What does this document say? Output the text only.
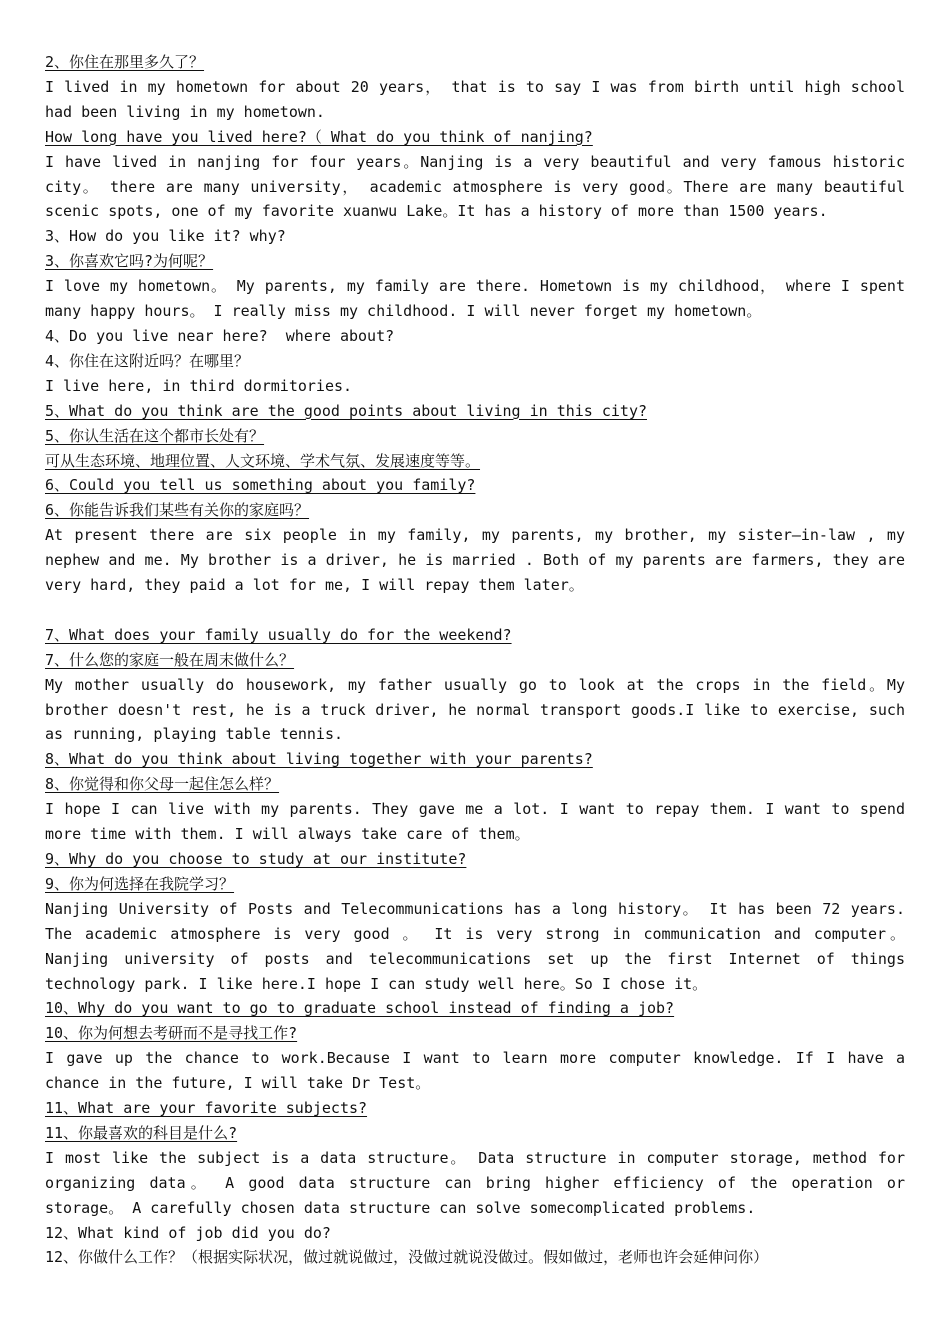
2、你住在那里多久了？
I lived in my hometown for about 20 years， that is to say I was from birth until high school had been living in my hometown.
How long have you lived here?（ What do you think of nanjing?
I have lived in nanjing for four years。Nanjing is a very beautiful and very famous historic city。 there are many university， academic atmosphere is very good。There are many beautiful scenic spots, one of my favorite xuanwu Lake。It has a history of more than 1500 years.
3、How do you like it? why?
3、你喜欢它吗?为何呢？
I love my hometown。 My parents, my family are there. Hometown is my childhood， where I spent many happy hours。 I really miss my childhood. I will never forget my hometown。
4、Do you live near here?  where about?
4、你住在这附近吗？在哪里？
I live here, in third dormitories.
5、What do you think are the good points about living in this city?
5、你认生活在这个都市长处有？
可从生态环境、地理位置、人文环境、学术气氛、发展速度等等。
6、Could you tell us something about you family?
6、你能告诉我们某些有关你的家庭吗？
At present there are six people in my family, my parents, my brother, my sister—in-law , my nephew and me. My brother is a driver, he is married . Both of my parents are farmers, they are very hard, they paid a lot for me, I will repay them later。
7、What does your family usually do for the weekend?
7、什么您的家庭一般在周末做什么？
My mother usually do housework, my father usually go to look at the crops in the field。My brother doesn't rest, he is a truck driver, he normal transport goods.I like to exercise, such as running, playing table tennis.
8、What do you think about living together with your parents?
8、你觉得和你父母一起住怎么样？
I hope I can live with my parents. They gave me a lot. I want to repay them. I want to spend more time with them. I will always take care of them。
9、Why do you choose to study at our institute?
9、你为何选择在我院学习？
Nanjing University of Posts and Telecommunications has a long history。 It has been 72 years. The academic atmosphere is very good 。 It is very strong in communication and computer。 Nanjing university of posts and telecommunications set up the first Internet of things technology park. I like here.I hope I can study well here。So I chose it。
10、Why do you want to go to graduate school instead of finding a job?
10、你为何想去考研而不是寻找工作?
I gave up the chance to work.Because I want to learn more computer knowledge. If I have a chance in the future, I will take Dr Test。
11、What are your favorite subjects?
11、你最喜欢的科目是什么?
I most like the subject is a data structure。 Data structure in computer storage, method for organizing data。 A good data structure can bring higher efficiency of the operation or storage。 A carefully chosen data structure can solve somecomplicated problems.
12、What kind of job did you do?
12、你做什么工作？（根据实际状况，做过就说做过，没做过就说没做过。假如做过，老师也许会延伸问你）
